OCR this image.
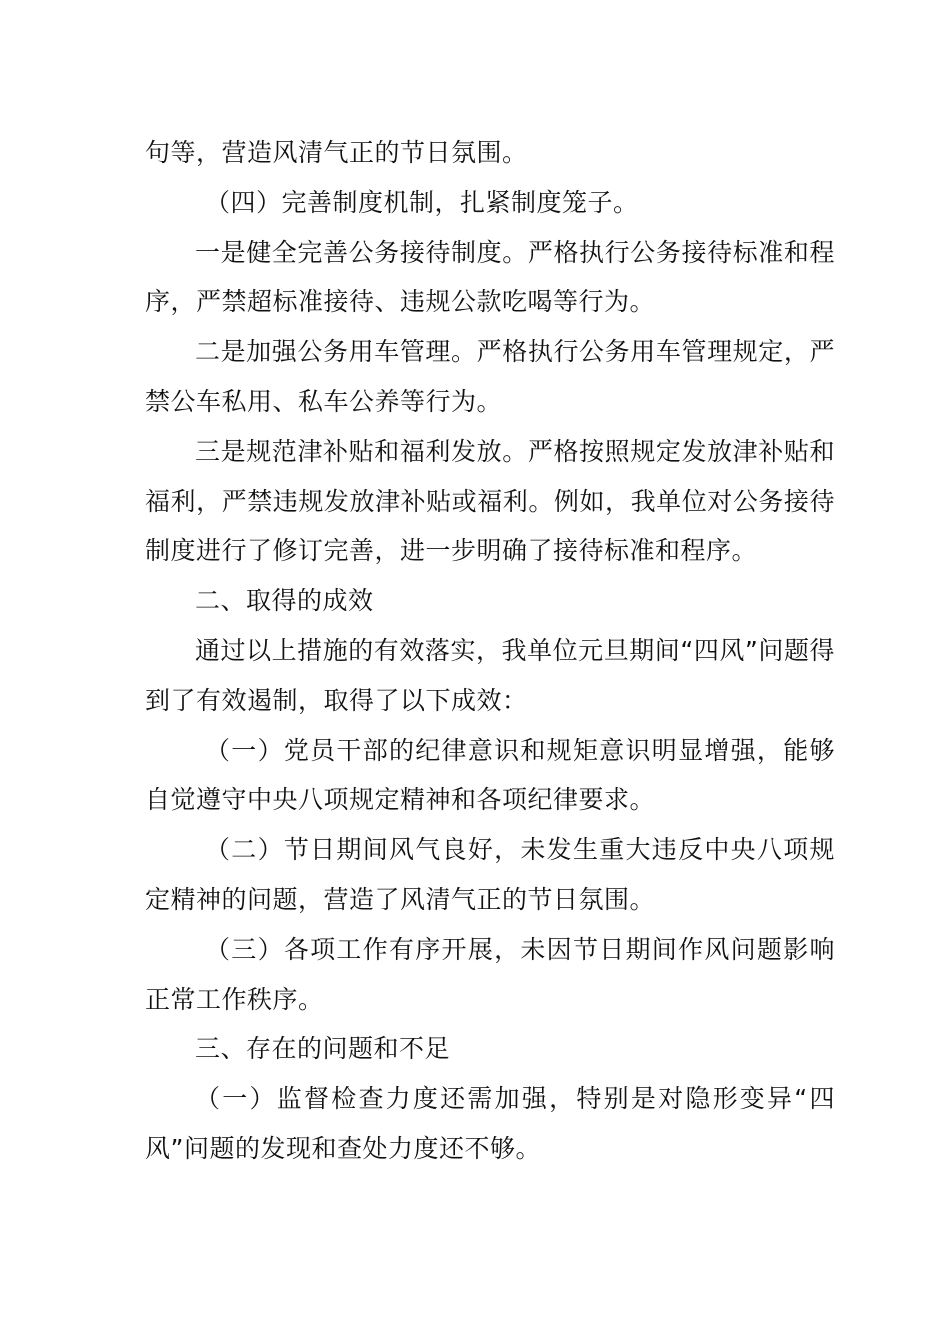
句等，营造风清气正的节日氛围。

（四）完善制度机制，扎紧制度笼子。

一是健全完善公务接待制度。严格执行公务接待标准和程序，严禁超标准接待、违规公款吃喝等行为。

二是加强公务用车管理。严格执行公务用车管理规定，严禁公车私用、私车公养等行为。

三是规范津补贴和福利发放。严格按照规定发放津补贴和福利，严禁违规发放津补贴或福利。例如，我单位对公务接待制度进行了修订完善，进一步明确了接待标准和程序。

二、取得的成效

通过以上措施的有效落实，我单位元旦期间“四风”问题得到了有效遏制，取得了以下成效：

（一）党员干部的纪律意识和规矩意识明显增强，能够自觉遵守中央八项规定精神和各项纪律要求。

（二）节日期间风气良好，未发生重大违反中央八项规定精神的问题，营造了风清气正的节日氛围。

（三）各项工作有序开展，未因节日期间作风问题影响正常工作秩序。

三、存在的问题和不足

（一）监督检查力度还需加强，特别是对隐形变异“四风”问题的发现和查处力度还不够。
